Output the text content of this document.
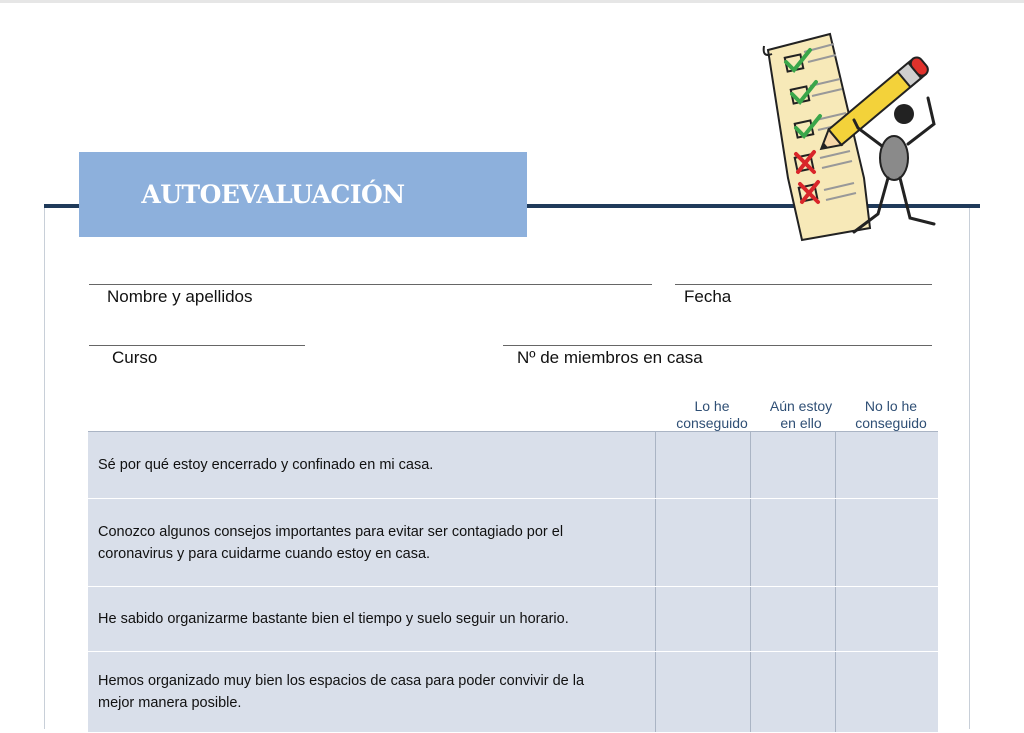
AUTOEVALUACIÓN
Nombre y apellidos	Fecha
Curso	Nº de miembros en casa
Lo he
conseguido
Aún estoy
en ello
No lo he
conseguido
Sé por qué estoy encerrado y confinado en mi casa.
Conozco algunos consejos importantes para evitar ser contagiado por el coronavirus y para cuidarme cuando estoy en casa.
He sabido organizarme bastante bien el tiempo y suelo seguir un horario.
Hemos organizado muy bien los espacios de casa para poder convivir de la mejor manera posible.
